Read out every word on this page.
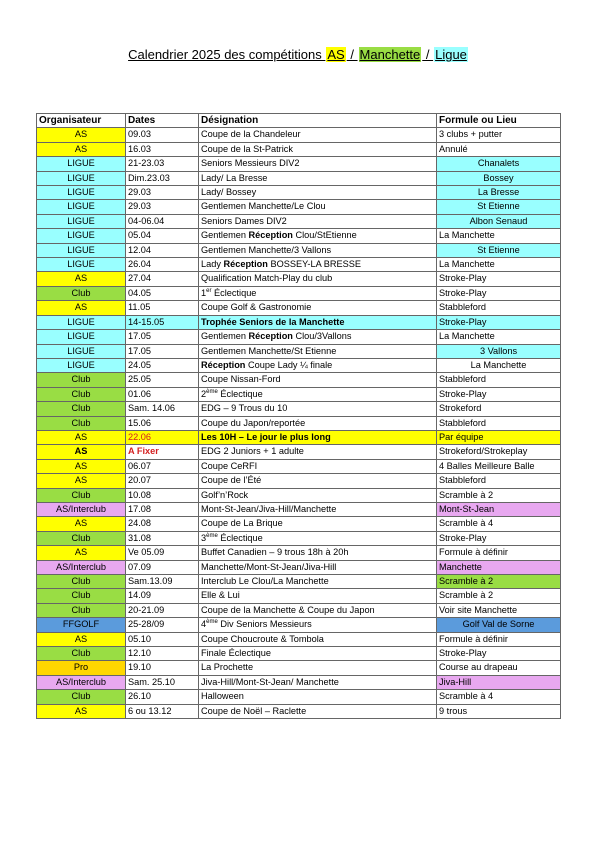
Calendrier 2025 des compétitions AS / Manchette / Ligue
Organisateur	Dates	Désignation	Formule ou Lieu
AS	09.03	Coupe de la Chandeleur	3 clubs + putter
AS	16.03	Coupe de la St-Patrick	Annulé
LIGUE	21-23.03	Seniors Messieurs DIV2	Chanalets
LIGUE	Dim.23.03	Lady/ La Bresse	Bossey
LIGUE	29.03	Lady/ Bossey	La Bresse
LIGUE	29.03	Gentlemen Manchette/Le Clou	St Etienne
LIGUE	04-06.04	Seniors Dames DIV2	Albon Senaud
LIGUE	05.04	Gentlemen Réception Clou/StEtienne	La Manchette
LIGUE	12.04	Gentlemen Manchette/3 Vallons	St Etienne
LIGUE	26.04	Lady Réception BOSSEY-LA BRESSE	La Manchette
AS	27.04	Qualification Match-Play du club	Stroke-Play
Club	04.05	1er Éclectique	Stroke-Play
AS	11.05	Coupe Golf & Gastronomie	Stabbleford
LIGUE	14-15.05	Trophée Seniors de la Manchette	Stroke-Play
LIGUE	17.05	Gentlemen Réception Clou/3Vallons	La Manchette
LIGUE	17.05	Gentlemen Manchette/St Etienne	3 Vallons
LIGUE	24.05	Réception Coupe Lady ¼ finale	La Manchette
Club	25.05	Coupe Nissan-Ford	Stabbleford
Club	01.06	2ème Éclectique	Stroke-Play
Club	Sam. 14.06	EDG – 9 Trous du 10	Strokeford
Club	15.06	Coupe du Japon/reportée	Stabbleford
AS	22.06	Les 10H – Le jour le plus long	Par équipe
AS	A Fixer	EDG 2 Juniors + 1 adulte	Strokeford/Strokeplay
AS	06.07	Coupe CeRFI	4 Balles Meilleure Balle
AS	20.07	Coupe de l’Été	Stabbleford
Club	10.08	Golf’n’Rock	Scramble à 2
AS/Interclub	17.08	Mont-St-Jean/Jiva-Hill/Manchette	Mont-St-Jean
AS	24.08	Coupe de La Brique	Scramble à 4
Club	31.08	3ème Éclectique	Stroke-Play
AS	Ve 05.09	Buffet Canadien – 9 trous 18h à 20h	Formule à définir
AS/Interclub	07.09	Manchette/Mont-St-Jean/Jiva-Hill	Manchette
Club	Sam.13.09	Interclub Le Clou/La Manchette	Scramble à 2
Club	14.09	Elle & Lui	Scramble à 2
Club	20-21.09	Coupe de la Manchette & Coupe du Japon	Voir site Manchette
FFGOLF	25-28/09	4ème Div Seniors Messieurs	Golf Val de Sorne
AS	05.10	Coupe Choucroute & Tombola	Formule à définir
Club	12.10	Finale Éclectique	Stroke-Play
Pro	19.10	La Prochette	Course au drapeau
AS/Interclub	Sam. 25.10	Jiva-Hill/Mont-St-Jean/ Manchette	Jiva-Hill
Club	26.10	Halloween	Scramble à 4
AS	6 ou 13.12	Coupe de Noël – Raclette	9 trous
